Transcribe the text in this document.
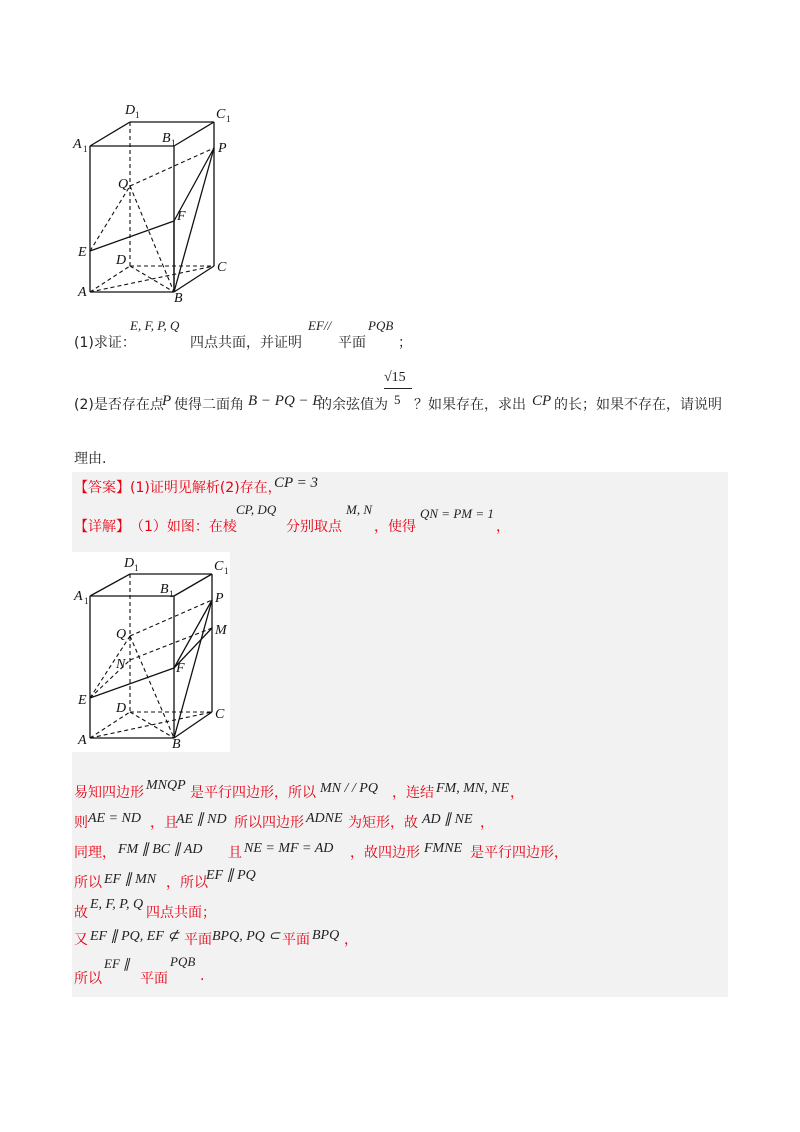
D 1	C 1
B 1
A 1	P
Q
F
E
D	C
A	B
(1)求证：
E, F, P, Q
四点共面，并证明
EF//
平面
PQB
；
(2)是否存在点
P 使得二面角 B − PQ − E
的余弦值为
√15
5 ？如果存在，求出 CP 的长；如果不存在，请说明
理由.
【答案】 (1)证明见解析(2)存在，
CP = 3
【详解】 （1）如图：在棱
CP, DQ
分别取点
M, N
，使得
QN = PM = 1
，
D 1	C 1
B 1
A 1	P
M
Q
N	F
E
D	C
A	B
易知四边形 MNQP 是平行四边形，所以 MN / / PQ ，连结 FM, MN, NE ，
则 AE = ND ，且
AE ∥ ND 所以四边形 ADNE 为矩形，故 AD ∥ NE ，
同理， FM ∥ BC ∥ AD 且 NE = MF = AD ，故四边形 FMNE 是平行四边形，
所以 EF ∥ MN ，所以
EF ∥ PQ
故
E, F, P, Q
四点共面；
又 EF ∥ PQ, EF ⊄ 平面 BPQ, PQ ⊂ 平面 BPQ ，
所以
EF ∥
平面
PQB
.
